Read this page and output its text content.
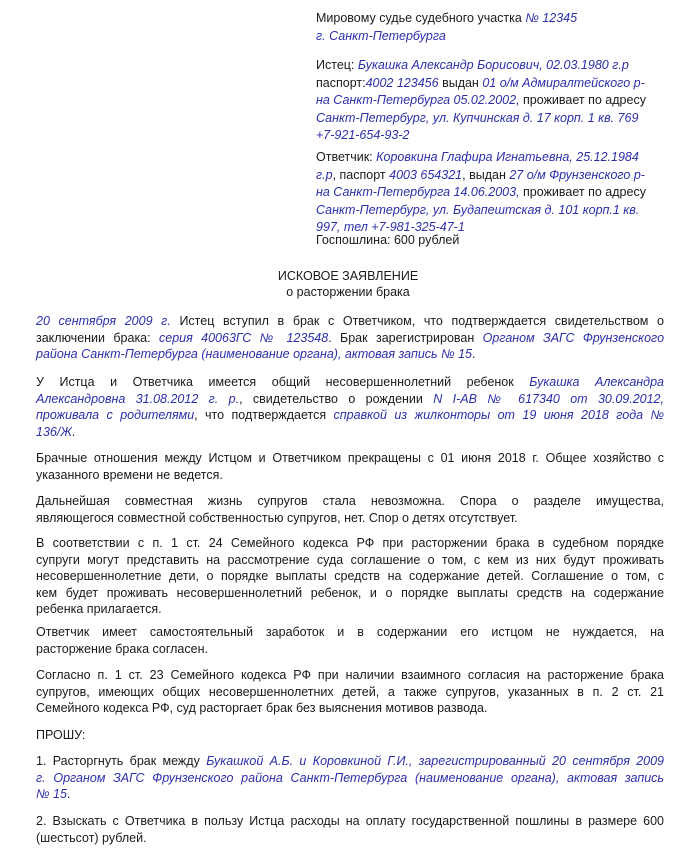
Мировому судье судебного участка № 12345
г. Санкт-Петербурга
Истец: Букашка Александр Борисович, 02.03.1980 г.р
паспорт:4002 123456 выдан 01 о/м Адмиралтейского р-
на Санкт-Петербурга 05.02.2002, проживает по адресу
Санкт-Петербург, ул. Купчинская д. 17 корп. 1 кв. 769
+7-921-654-93-2
Ответчик: Коровкина Глафира Игнатьевна, 25.12.1984
г.р, паспорт 4003 654321, выдан 27 о/м Фрунзенского р-
на Санкт-Петербурга 14.06.2003, проживает по адресу
Санкт-Петербург, ул. Будапештская д. 101 корп.1 кв.
997, тел +7-981-325-47-1
Госпошлина: 600 рублей
ИСКОВОЕ ЗАЯВЛЕНИЕ
о расторжении брака
20 сентября 2009 г. Истец вступил в брак с Ответчиком, что подтверждается свидетельством о
заключении брака: серия 40063ГС № 123548. Брак зарегистрирован Органом ЗАГС Фрунзенского
района Санкт-Петербурга (наименование органа), актовая запись № 15.
У Истца и Ответчика имеется общий несовершеннолетний ребенок Букашка Александра
Александровна 31.08.2012 г. р., свидетельство о рождении N I-AB № 617340 от 30.09.2012,
проживала с родителями, что подтверждается справкой из жилконторы от 19 июня 2018 года №
136/Ж.
Брачные отношения между Истцом и Ответчиком прекращены с 01 июня 2018 г. Общее хозяйство с
указанного времени не ведется.
Дальнейшая совместная жизнь супругов стала невозможна. Спора о разделе имущества,
являющегося совместной собственностью супругов, нет. Спор о детях отсутствует.
В соответствии с п. 1 ст. 24 Семейного кодекса РФ при расторжении брака в судебном порядке
супруги могут представить на рассмотрение суда соглашение о том, с кем из них будут проживать
несовершеннолетние дети, о порядке выплаты средств на содержание детей. Соглашение о том, с
кем будет проживать несовершеннолетний ребенок, и о порядке выплаты средств на содержание
ребенка прилагается.
Ответчик имеет самостоятельный заработок и в содержании его истцом не нуждается, на
расторжение брака согласен.
Согласно п. 1 ст. 23 Семейного кодекса РФ при наличии взаимного согласия на расторжение брака
супругов, имеющих общих несовершеннолетних детей, а также супругов, указанных в п. 2 ст. 21
Семейного кодекса РФ, суд расторгает брак без выяснения мотивов развода.
ПРОШУ:
1. Расторгнуть брак между Букашкой А.Б. и Коровкиной Г.И., зарегистрированный 20 сентября 2009
г. Органом ЗАГС Фрунзенского района Санкт-Петербурга (наименование органа), актовая запись
№ 15.
2. Взыскать с Ответчика в пользу Истца расходы на оплату государственной пошлины в размере 600
(шестьсот) рублей.
